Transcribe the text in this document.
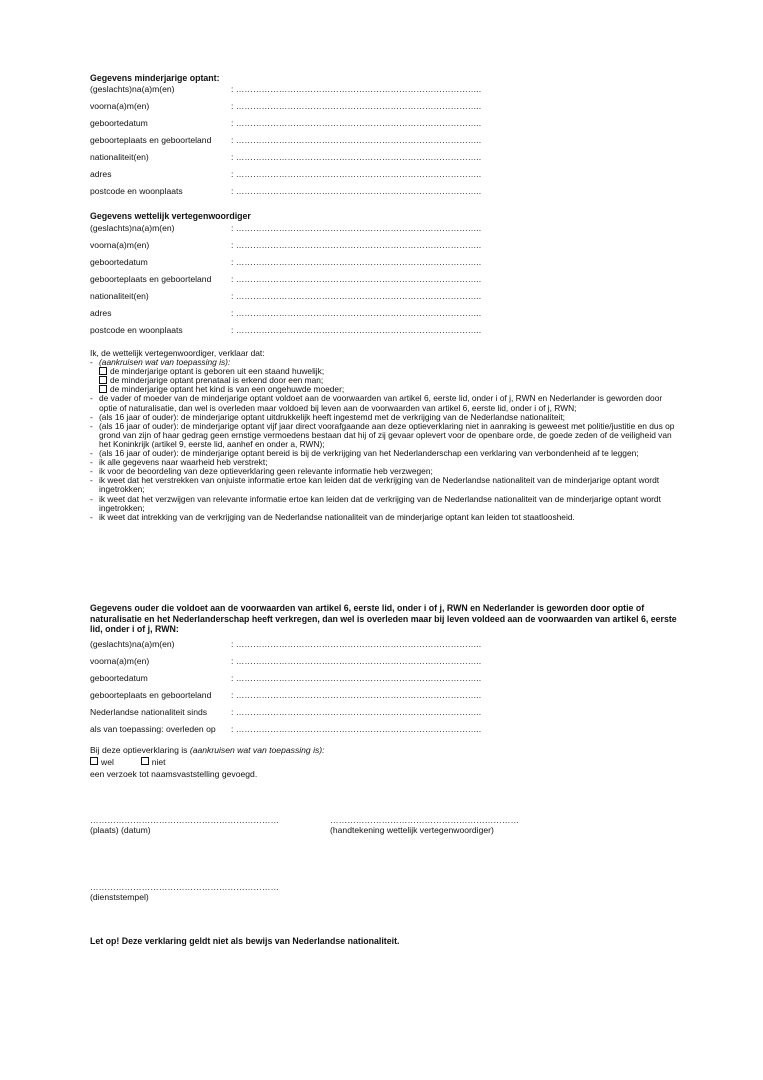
Gegevens minderjarige optant:
(geslachts)na(a)m(en)	: …………………………………………………………………………..
voorna(a)m(en)	: …………………………………………………………………………..
geboortedatum	: …………………………………………………………………………..
geboorteplaats en geboorteland : …………………………………………………………………………..
nationaliteit(en)	: …………………………………………………………………………..
adres	: …………………………………………………………………………..
postcode en woonplaats	: …………………………………………………………………………..
Gegevens wettelijk vertegenwoordiger
(geslachts)na(a)m(en)	: …………………………………………………………………………..
voorna(a)m(en)	: …………………………………………………………………………..
geboortedatum	: …………………………………………………………………………..
geboorteplaats en geboorteland : …………………………………………………………………………..
nationaliteit(en)	: …………………………………………………………………………..
adres	: …………………………………………………………………………..
postcode en woonplaats	: …………………………………………………………………………..
Ik, de wettelijk vertegenwoordiger, verklaar dat:
- (aankruisen wat van toepassing is):
de minderjarige optant is geboren uit een staand huwelijk;
de minderjarige optant prenataal is erkend door een man;
de minderjarige optant het kind is van een ongehuwde moeder;
- de vader of moeder van de minderjarige optant voldoet aan de voorwaarden van artikel 6, eerste lid, onder i of j, RWN en Nederlander is geworden door optie of naturalisatie, dan wel is overleden maar voldoed bij leven aan de voorwaarden van artikel 6, eerste lid, onder i of j, RWN;
- (als 16 jaar of ouder): de minderjarige optant uitdrukkelijk heeft ingestemd met de verkrijging van de Nederlandse nationaliteit;
- (als 16 jaar of ouder): de minderjarige optant vijf jaar direct voorafgaande aan deze optieverklaring niet in aanraking is geweest met politie/justitie en dus op grond van zijn of haar gedrag geen ernstige vermoedens bestaan dat hij of zij gevaar oplevert voor de openbare orde, de goede zeden of de veiligheid van het Koninkrijk (artikel 9, eerste lid, aanhef en onder a, RWN);
- (als 16 jaar of ouder): de minderjarige optant bereid is bij de verkrijging van het Nederlanderschap een verklaring van verbondenheid af te leggen;
- ik alle gegevens naar waarheid heb verstrekt;
- ik voor de beoordeling van deze optieverklaring geen relevante informatie heb verzwegen;
- ik weet dat het verstrekken van onjuiste informatie ertoe kan leiden dat de verkrijging van de Nederlandse nationaliteit van de minderjarige optant wordt ingetrokken;
- ik weet dat het verzwijgen van relevante informatie ertoe kan leiden dat de verkrijging van de Nederlandse nationaliteit van de minderjarige optant wordt ingetrokken;
- ik weet dat intrekking van de verkrijging van de Nederlandse nationaliteit van de minderjarige optant kan leiden tot staatloosheid.
Gegevens ouder die voldoet aan de voorwaarden van artikel 6, eerste lid, onder i of j, RWN en Nederlander is geworden door optie of naturalisatie en het Nederlanderschap heeft verkregen, dan wel is overleden maar bij leven voldeed aan de voorwaarden van artikel 6, eerste lid, onder i of j, RWN:
(geslachts)na(a)m(en)	: …………………………………………………………………………..
voorna(a)m(en)	: …………………………………………………………………………..
geboortedatum	: …………………………………………………………………………..
geboorteplaats en geboorteland : …………………………………………………………………………..
Nederlandse nationaliteit sinds	: …………………………………………………………………………..
als van toepassing: overleden op : …………………………………………………………………………..
Bij deze optieverklaring is (aankruisen wat van toepassing is):
wel	niet
een verzoek tot naamsvaststelling gevoegd.
…………………………………………………………
(plaats) (datum)
…………………………………………………………
(handtekening wettelijk vertegenwoordiger)
…………………………………………………………
(dienststempel)
Let op! Deze verklaring geldt niet als bewijs van Nederlandse nationaliteit.
